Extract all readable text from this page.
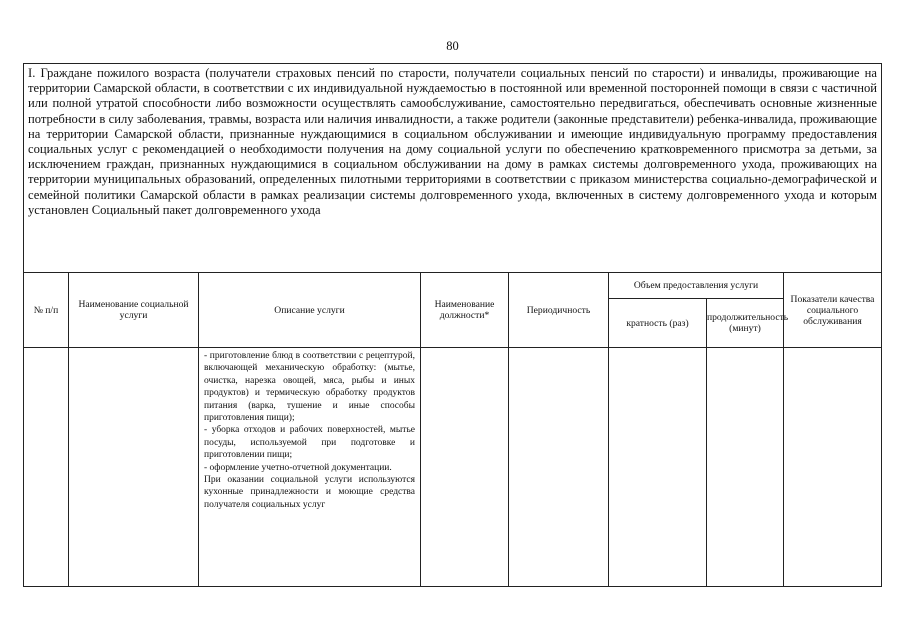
80
I. Граждане пожилого возраста (получатели страховых пенсий по старости, получатели социальных пенсий по старости) и инвалиды, проживающие на территории Самарской области, в соответствии с их индивидуальной нуждаемостью в постоянной или временной посторонней помощи в связи с частичной или полной утратой способности либо возможности осуществлять самообслуживание, самостоятельно передвигаться, обеспечивать основные жизненные потребности в силу заболевания, травмы, возраста или наличия инвалидности, а также родители (законные представители) ребенка-инвалида, проживающие на территории Самарской области, признанные нуждающимися в социальном обслуживании и имеющие индивидуальную программу предоставления социальных услуг с рекомендацией о необходимости получения на дому социальной услуги по обеспечению кратковременного присмотра за детьми, за исключением граждан, признанных нуждающимися в социальном обслуживании на дому в рамках системы долговременного ухода, проживающих на территории муниципальных образований, определенных пилотными территориями в соответствии с приказом министерства социально-демографической и семейной политики Самарской области в рамках реализации системы долговременного ухода, включенных в систему долговременного ухода и которым установлен Социальный пакет долговременного ухода							
№ п/п	Наименование социальной услуги	Описание услуги	Наименование должности*	Периодичность	Объем предоставления услуги		Показатели качества социального обслуживания
					кратность (раз)	продолжительность (минут)	

		- приготовление блюд в соответствии с рецептурой, включающей механическую обработку: (мытье, очистка, нарезка овощей, мяса, рыбы и иных продуктов) и термическую обработку продуктов питания (варка, тушение и иные способы приготовления пищи);

- уборка отходов и рабочих поверхностей, мытье посуды, используемой при подготовке и приготовлении пищи;

- оформление учетно-отчетной документации.

При оказании социальной услуги используются кухонные принадлежности и моющие средства получателя социальных услуг					
